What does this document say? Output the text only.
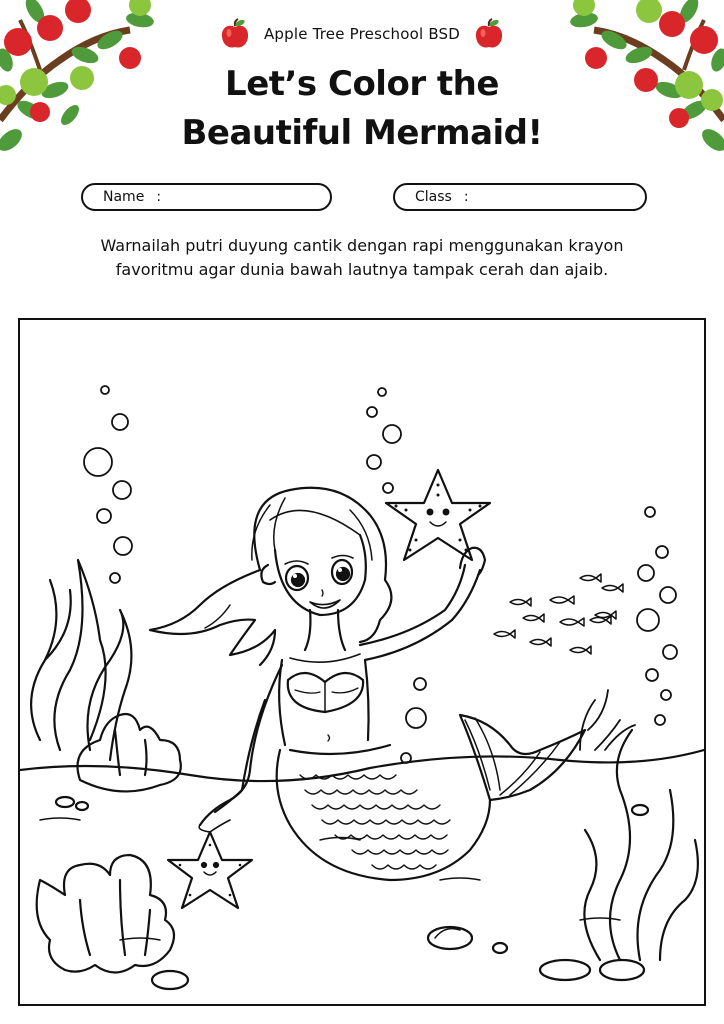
Apple Tree Preschool BSD
Let’s Color the
Beautiful Mermaid!
Name :	Class :
Warnailah putri duyung cantik dengan rapi menggunakan krayon
favoritmu agar dunia bawah lautnya tampak cerah dan ajaib.
